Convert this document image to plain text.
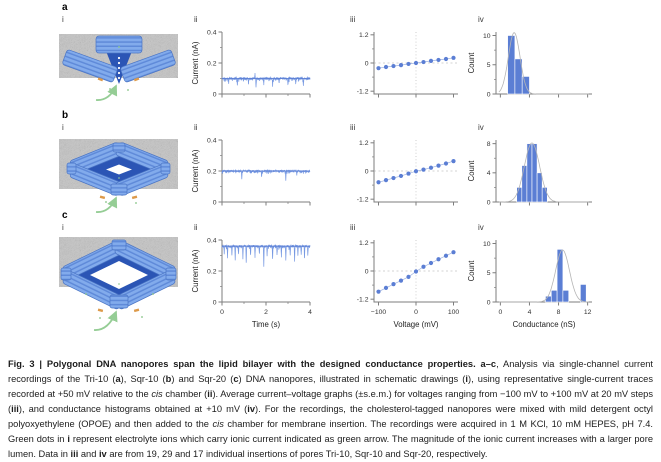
a
i	ii
0
0.2
0.4
Current (nA)
iii
-1.2
0
1.2
iv
0
5
10
Count
b
i	ii
0
0.2
0.4
Current (nA)
iii
-1.2
0
1.2
iv
0
4
8
Count
c
i	ii
0
0.2
0.4
0	2	4
Time (s)
Current (nA)
iii
-1.2
0
1.2
−100	0	100
Voltage (mV)
iv
0
5
10
0	4	8	12
Conductance (nS)
Count
Fig. 3 | Polygonal DNA nanopores span the lipid bilayer with the designed conductance properties. a–c, Analysis via single-channel current recordings of the Tri-10 (a), Sqr-10 (b) and Sqr-20 (c) DNA nanopores, illustrated in schematic drawings (i), using representative single-current traces recorded at +50 mV relative to the cis chamber (ii). Average current–voltage graphs (±s.e.m.) for voltages ranging from −100 mV to +100 mV at 20 mV steps (iii), and conductance histograms obtained at +10 mV (iv). For the recordings, the cholesterol-tagged nanopores were mixed with mild detergent octyl polyoxyethylene (OPOE) and then added to the cis chamber for membrane insertion. The recordings were acquired in 1 M KCl, 10 mM HEPES, pH 7.4. Green dots in i represent electrolyte ions which carry ionic current indicated as green arrow. The magnitude of the ionic current increases with a larger pore lumen. Data in iii and iv are from 19, 29 and 17 individual insertions of pores Tri-10, Sqr-10 and Sqr-20, respectively.
